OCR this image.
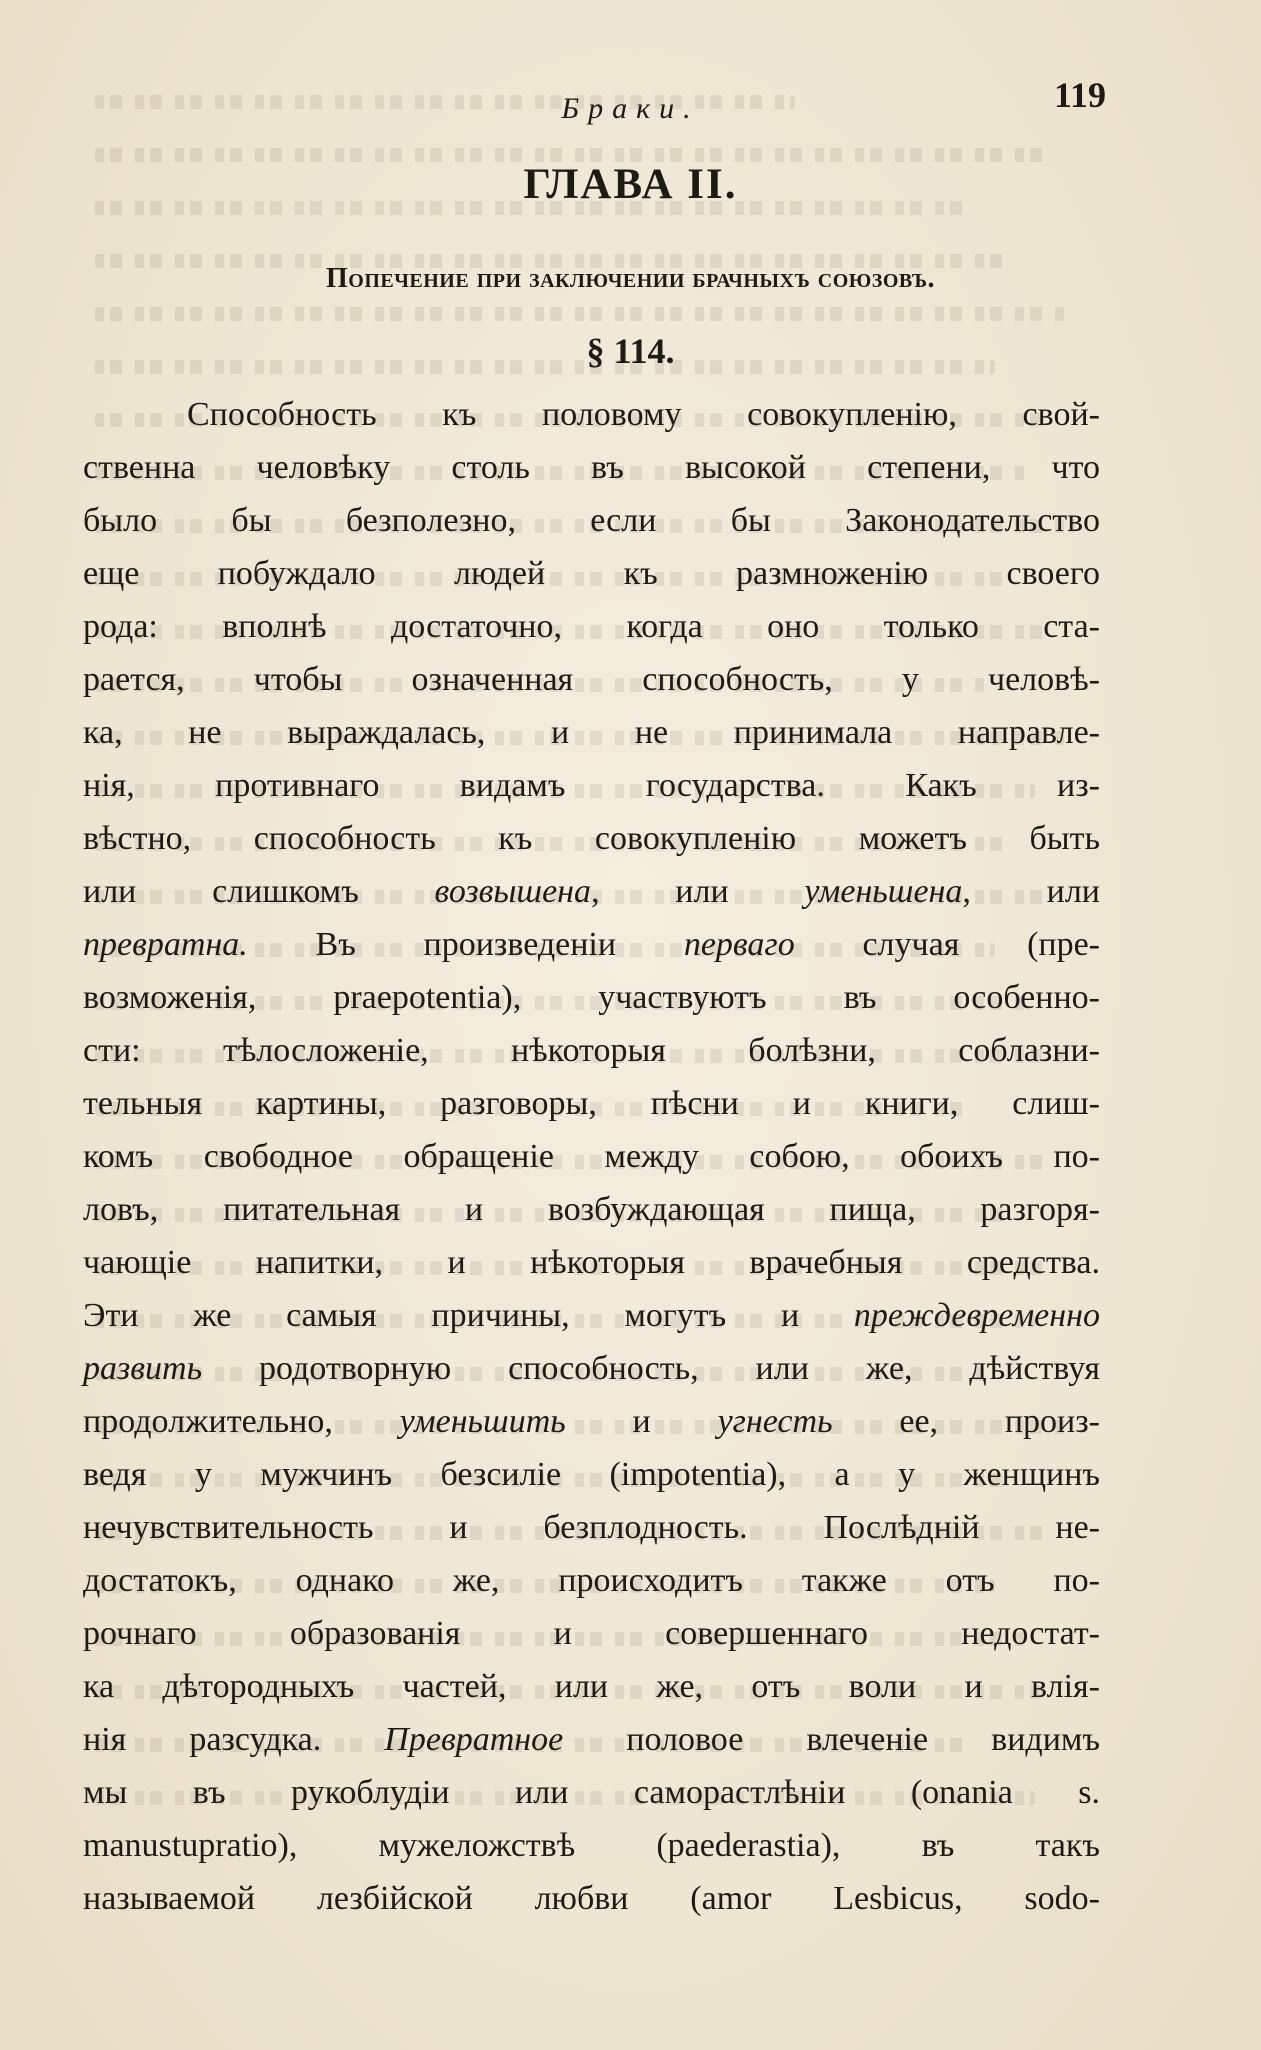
Браки.	119
ГЛАВА II.
Попечение при заключении брачныхъ союзовъ.
§ 114.
Способность къ половому совокупленію, свой-
ственна человѣку столь въ высокой степени, что
было бы безполезно, если бы Законодательство
еще побуждало людей къ размноженію своего
рода: вполнѣ достаточно, когда оно только ста-
рается, чтобы означенная способность, у человѣ-
ка, не выраждалась, и не принимала направле-
нія, противнаго видамъ государства. Какъ из-
вѣстно, способность къ совокупленію можетъ быть
или слишкомъ возвышена, или уменьшена, или
превратна. Въ произведеніи перваго случая (пре-
возможенія, praepotentia), участвуютъ въ особенно-
сти: тѣлосложеніе, нѣкоторыя болѣзни, соблазни-
тельныя картины, разговоры, пѣсни и книги, слиш-
комъ свободное обращеніе между собою, обоихъ по-
ловъ, питательная и возбуждающая пища, разгоря-
чающіе напитки, и нѣкоторыя врачебныя средства.
Эти же самыя причины, могутъ и преждевременно
развить родотворную способность, или же, дѣйствуя
продолжительно, уменьшить и угнесть ее, произ-
ведя у мужчинъ безсиліе (impotentia), а у женщинъ
нечувствительность и безплодность. Послѣдній не-
достатокъ, однако же, происходитъ также отъ по-
рочнаго образованія и совершеннаго недостат-
ка дѣтородныхъ частей, или же, отъ воли и влія-
нія разсудка. Превратное половое влеченіе видимъ
мы въ рукоблудіи или саморастлѣніи (onania s.
manustupratio), мужеложствѣ (paederastia), въ такъ
называемой лезбійской любви (amor Lesbicus, sodo-
